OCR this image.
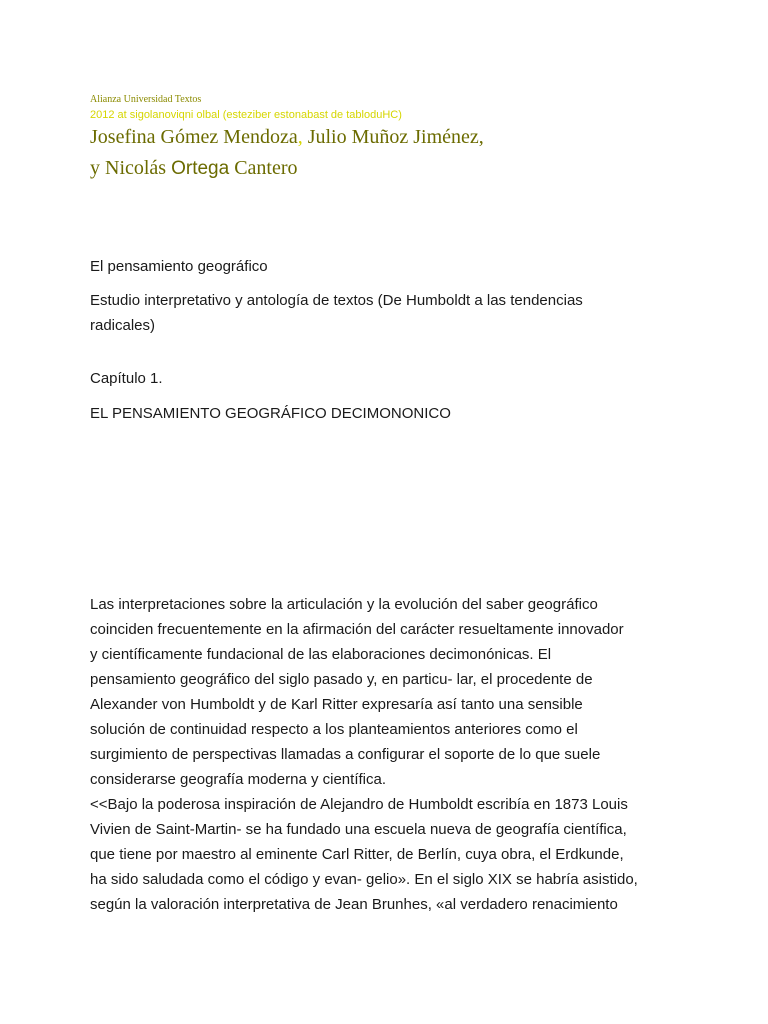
Alianza Universidad Textos
2012 at sigolanoviqni olbal (esteziber estonabast de tabloduHC)
Josefina Gómez Mendoza, Julio Muñoz Jiménez,
y Nicolás Ortega Cantero
El pensamiento geográfico
Estudio interpretativo y antología de textos (De Humboldt a las tendencias radicales)
Capítulo 1.
EL PENSAMIENTO GEOGRÁFICO DECIMONONICO
Las interpretaciones sobre la articulación y la evolución del saber geográfico
coinciden frecuentemente en la afirmación del carácter resueltamente innovador
y científicamente fundacional de las elaboraciones decimonónicas. El
pensamiento geográfico del siglo pasado y, en particu- lar, el procedente de
Alexander von Humboldt y de Karl Ritter expresaría así tanto una sensible
solución de continuidad respecto a los planteamientos anteriores como el
surgimiento de perspectivas llamadas a configurar el soporte de lo que suele
considerarse geografía moderna y científica.
<<Bajo la poderosa inspiración de Alejandro de Humboldt escribía en 1873 Louis
Vivien de Saint-Martin- se ha fundado una escuela nueva de geografía científica,
que tiene por maestro al eminente Carl Ritter, de Berlín, cuya obra, el Erdkunde,
ha sido saludada como el código y evan- gelio». En el siglo XIX se habría asistido,
según la valoración interpretativa de Jean Brunhes, «al verdadero renacimiento
